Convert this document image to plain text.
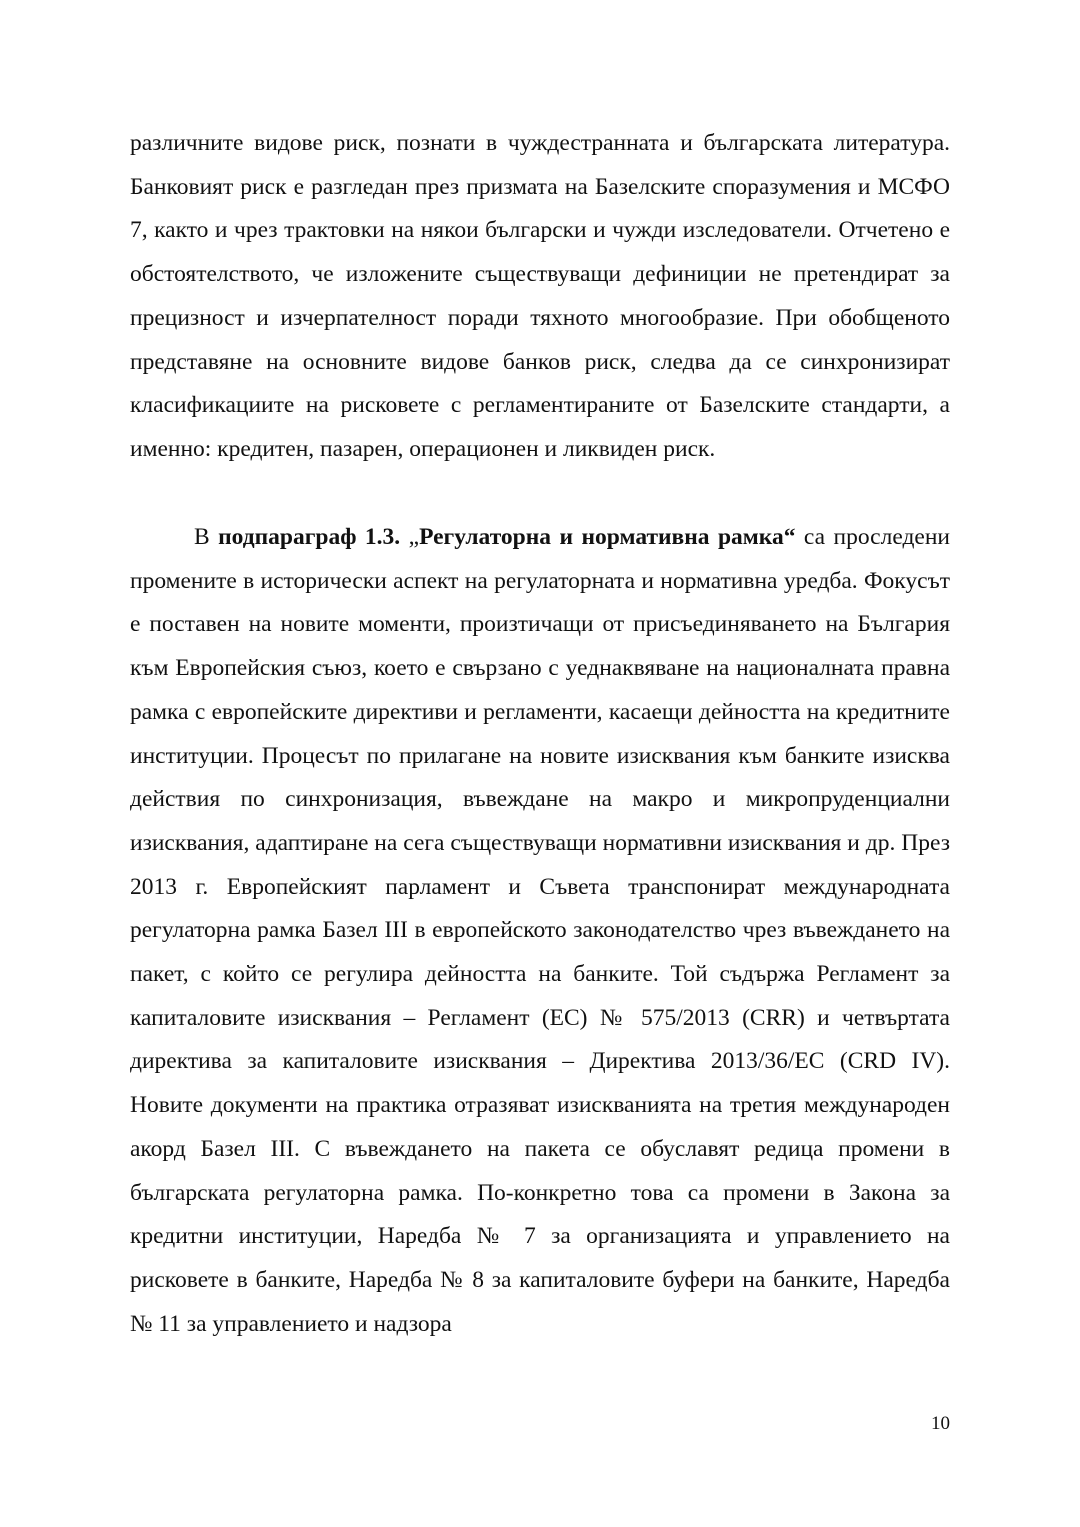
различните видове риск, познати в чуждестранната и българската литература. Банковият риск е разгледан през призмата на Базелските споразумения и МСФО 7, както и чрез трактовки на някои български и чужди изследователи. Отчетено е обстоятелството, че изложените съществуващи дефиниции не претендират за прецизност и изчерпателност поради тяхното многообразие. При обобщеното представяне на основните видове банков риск, следва да се синхронизират класификациите на рисковете с регламентираните от Базелските стандарти, а именно: кредитен, пазарен, операционен и ликвиден риск.

В подпараграф 1.3. „Регулаторна и нормативна рамка“ са проследени промените в исторически аспект на регулаторната и нормативна уредба. Фокусът е поставен на новите моменти, произтичащи от присъединяването на България към Европейския съюз, което е свързано с уеднаквяване на националната правна рамка с европейските директиви и регламенти, касаещи дейността на кредитните институции. Процесът по прилагане на новите изисквания към банките изисква действия по синхронизация, въвеждане на макро и микропруденциални изисквания, адаптиране на сега съществуващи нормативни изисквания и др. През 2013 г. Европейският парламент и Съвета транспонират международната регулаторна рамка Базел III в европейското законодателство чрез въвеждането на пакет, с който се регулира дейността на банките. Той съдържа Регламент за капиталовите изисквания – Регламент (ЕС) № 575/2013 (CRR) и четвъртата директива за капиталовите изисквания – Директива 2013/36/ЕС (CRD IV). Новите документи на практика отразяват изискванията на третия международен акорд Базел III. С въвеждането на пакета се обуславят редица промени в българската регулаторна рамка. По-конкретно това са промени в Закона за кредитни институции, Наредба № 7 за организацията и управлението на рисковете в банките, Наредба № 8 за капиталовите буфери на банките, Наредба № 11 за управлението и надзора

10
